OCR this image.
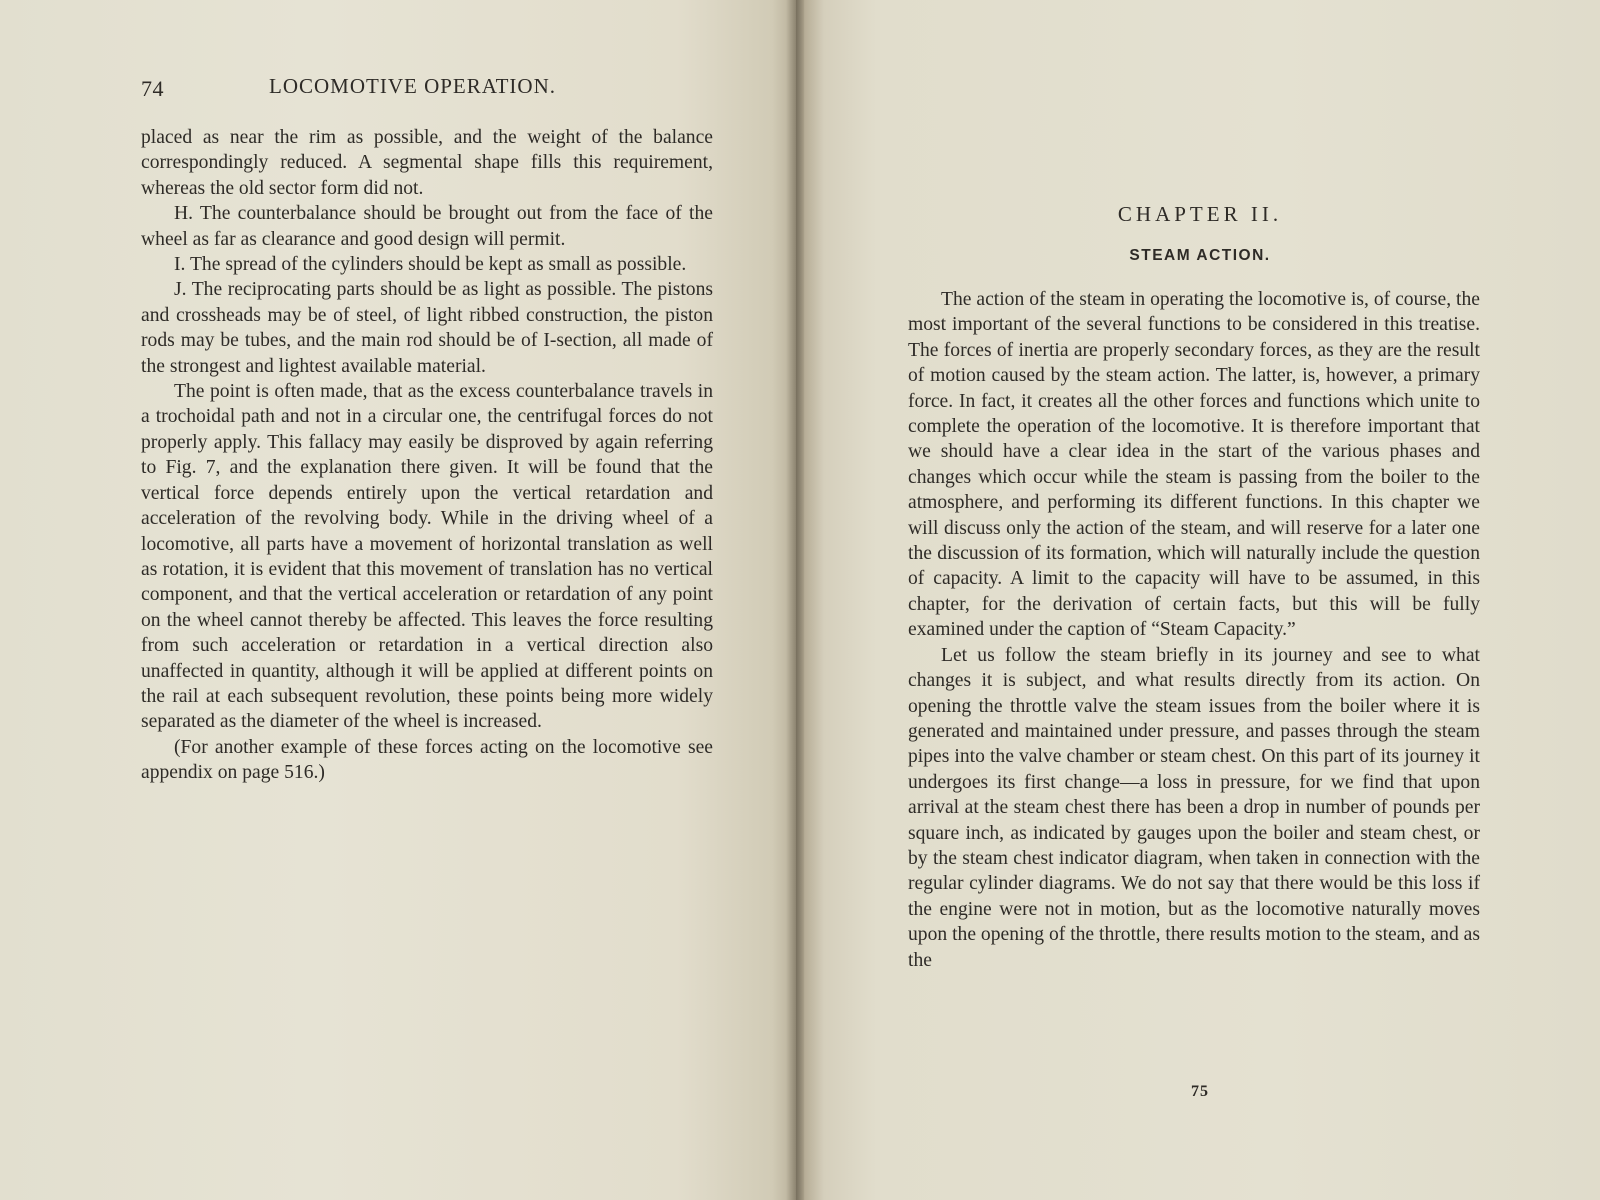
74	LOCOMOTIVE OPERATION.

placed as near the rim as possible, and the weight of the balance correspondingly reduced. A segmental shape fills this requirement, whereas the old sector form did not.

H. The counterbalance should be brought out from the face of the wheel as far as clearance and good design will permit.

I. The spread of the cylinders should be kept as small as possible.

J. The reciprocating parts should be as light as possible. The pistons and crossheads may be of steel, of light ribbed construction, the piston rods may be tubes, and the main rod should be of I-section, all made of the strongest and lightest available material.

The point is often made, that as the excess counterbalance travels in a trochoidal path and not in a circular one, the centrifugal forces do not properly apply. This fallacy may easily be disproved by again referring to Fig. 7, and the explanation there given. It will be found that the vertical force depends entirely upon the vertical retardation and acceleration of the revolving body. While in the driving wheel of a locomotive, all parts have a movement of horizontal translation as well as rotation, it is evident that this movement of translation has no vertical component, and that the vertical acceleration or retardation of any point on the wheel cannot thereby be affected. This leaves the force resulting from such acceleration or retardation in a vertical direction also unaffected in quantity, although it will be applied at different points on the rail at each subsequent revolution, these points being more widely separated as the diameter of the wheel is increased.

(For another example of these forces acting on the locomotive see appendix on page 516.)

CHAPTER II.
STEAM ACTION.

The action of the steam in operating the locomotive is, of course, the most important of the several functions to be considered in this treatise. The forces of inertia are properly secondary forces, as they are the result of motion caused by the steam action. The latter, is, however, a primary force. In fact, it creates all the other forces and functions which unite to complete the operation of the locomotive. It is therefore important that we should have a clear idea in the start of the various phases and changes which occur while the steam is passing from the boiler to the atmosphere, and performing its different functions. In this chapter we will discuss only the action of the steam, and will reserve for a later one the discussion of its formation, which will naturally include the question of capacity. A limit to the capacity will have to be assumed, in this chapter, for the derivation of certain facts, but this will be fully examined under the caption of “Steam Capacity.”

Let us follow the steam briefly in its journey and see to what changes it is subject, and what results directly from its action. On opening the throttle valve the steam issues from the boiler where it is generated and maintained under pressure, and passes through the steam pipes into the valve chamber or steam chest. On this part of its journey it undergoes its first change—a loss in pressure, for we find that upon arrival at the steam chest there has been a drop in number of pounds per square inch, as indicated by gauges upon the boiler and steam chest, or by the steam chest indicator diagram, when taken in connection with the regular cylinder diagrams. We do not say that there would be this loss if the engine were not in motion, but as the locomotive naturally moves upon the opening of the throttle, there results motion to the steam, and as the

75
